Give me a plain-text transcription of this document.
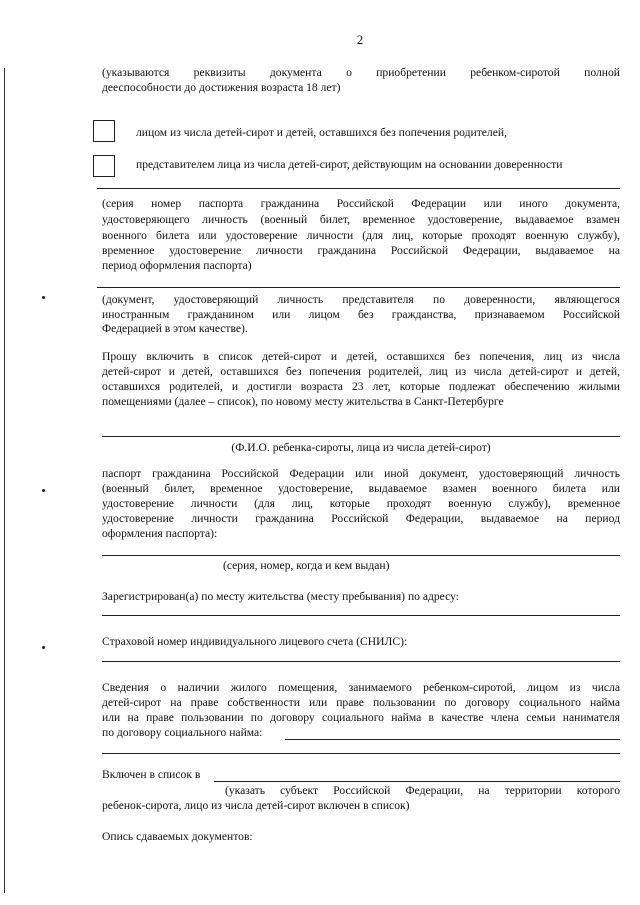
2
(указываются реквизиты документа о приобретении ребенком-сиротой полной
дееспособности до достижения возраста 18 лет)
лицом из числа детей-сирот и детей, оставшихся без попечения родителей,
представителем лица из числа детей-сирот, действующим на основании доверенности
(серия номер паспорта гражданина Российской Федерации или иного документа,
удостоверяющего личность (военный билет, временное удостоверение, выдаваемое взамен
военного билета или удостоверение личности (для лиц, которые проходят военную службу),
временное удостоверение личности гражданина Российской Федерации, выдаваемое на
период оформления паспорта)
(документ, удостоверяющий личность представителя по доверенности, являющегося
иностранным гражданином или лицом без гражданства, признаваемом Российской
Федерацией в этом качестве).
Прошу включить в список детей-сирот и детей, оставшихся без попечения, лиц из числа
детей-сирот и детей, оставшихся без попечения родителей, лиц из числа детей-сирот и детей,
оставшихся родителей, и достигли возраста 23 лет, которые подлежат обеспечению жилыми
помещениями (далее – список), по новому месту жительства в Санкт-Петербурге
(Ф.И.О. ребенка-сироты, лица из числа детей-сирот)
паспорт гражданина Российской Федерации или иной документ, удостоверяющий личность
(военный билет, временное удостоверение, выдаваемое взамен военного билета или
удостоверение личности (для лиц, которые проходят военную службу), временное
удостоверение личности гражданина Российской Федерации, выдаваемое на период
оформления паспорта):
(серия, номер, когда и кем выдан)
Зарегистрирован(а) по месту жительства (месту пребывания) по адресу:
Страховой номер индивидуального лицевого счета (СНИЛС):
Сведения о наличии жилого помещения, занимаемого ребенком-сиротой, лицом из числа
детей-сирот на праве собственности или праве пользовании по договору социального найма
или на праве пользовании по договору социального найма в качестве члена семьи нанимателя
по договору социального найма:
Включен в список в
(указать субъект Российской Федерации, на территории которого
ребенок-сирота, лицо из числа детей-сирот включен в список)
Опись сдаваемых документов:
